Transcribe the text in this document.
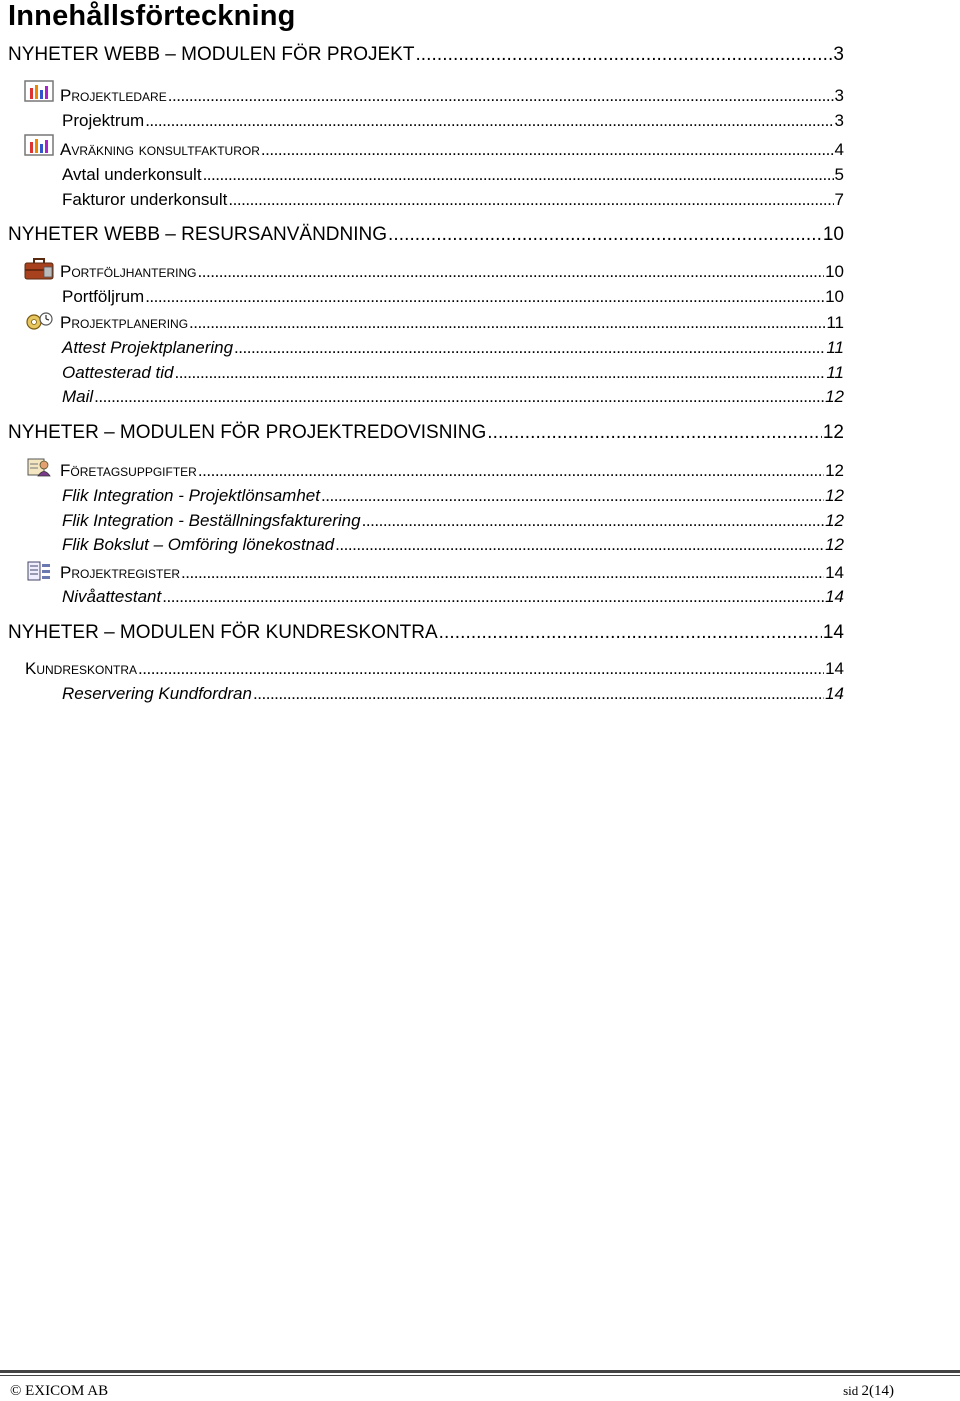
Innehållsförteckning
NYHETER WEBB – MODULEN FÖR PROJEKT . . .	3
Projektledare . . .	3
Projektrum . . .	3
Avräkning konsultfakturor . . .	4
Avtal underkonsult . . .	5
Fakturor underkonsult . . .	7
NYHETER WEBB – RESURSANVÄNDNING . . .	10
Portföljhantering . . .	10
Portföljrum . . .	10
Projektplanering . . .	11
Attest Projektplanering . . .	11
Oattesterad tid . . .	11
Mail . . .	12
NYHETER – MODULEN FÖR PROJEKTREDOVISNING . . .	12
Företagsuppgifter . . .	12
Flik Integration - Projektlönsamhet . . .	12
Flik Integration - Beställningsfakturering . . .	12
Flik Bokslut – Omföring lönekostnad . . .	12
Projektregister . . .	14
Nivåattestant . . .	14
NYHETER – MODULEN FÖR KUNDRESKONTRA . . .	14
Kundreskontra . . .	14
Reservering Kundfordran . . .	14
© EXICOM AB	sid 2(14)
